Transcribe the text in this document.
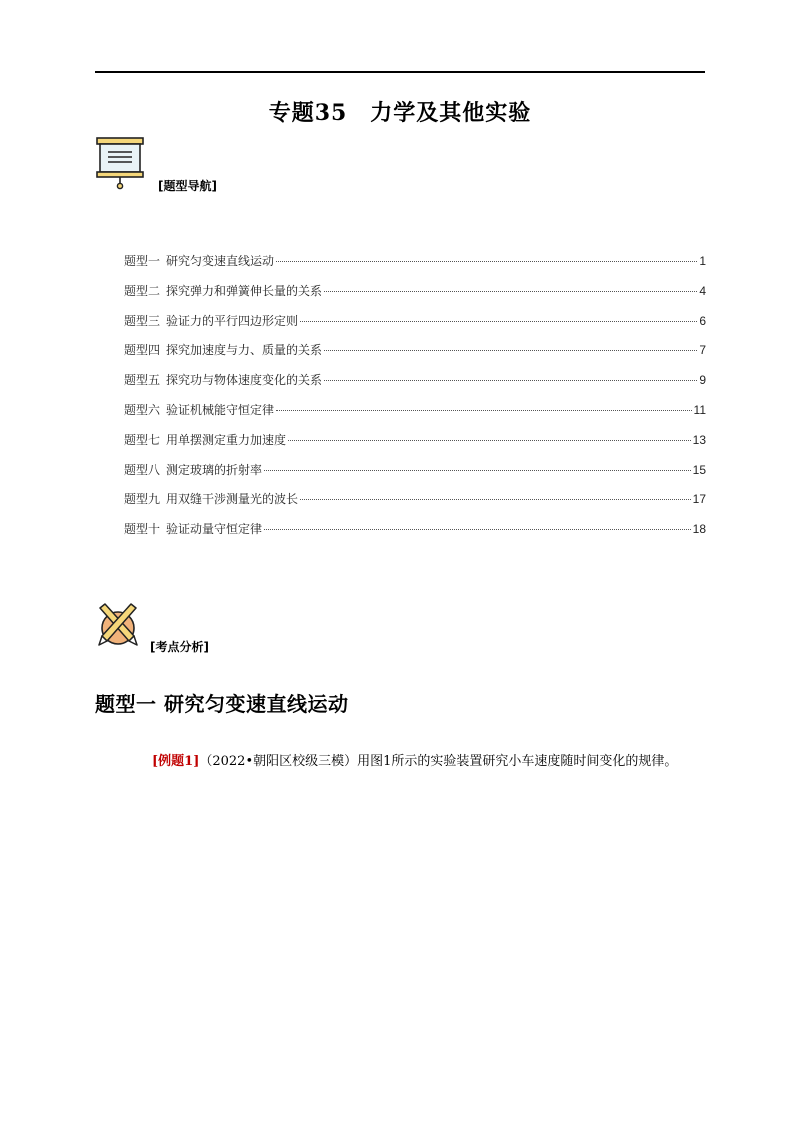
专题35　力学及其他实验
[题型导航]
题型一 研究匀变速直线运动	1
题型二 探究弹力和弹簧伸长量的关系	4
题型三 验证力的平行四边形定则	6
题型四 探究加速度与力、质量的关系	7
题型五 探究功与物体速度变化的关系	9
题型六 验证机械能守恒定律	11
题型七 用单摆测定重力加速度	13
题型八 测定玻璃的折射率	15
题型九 用双缝干涉测量光的波长	17
题型十 验证动量守恒定律	18
[考点分析]
题型一 研究匀变速直线运动
[例题1]（2022•朝阳区校级三模）用图1所示的实验装置研究小车速度随时间变化的规律。
